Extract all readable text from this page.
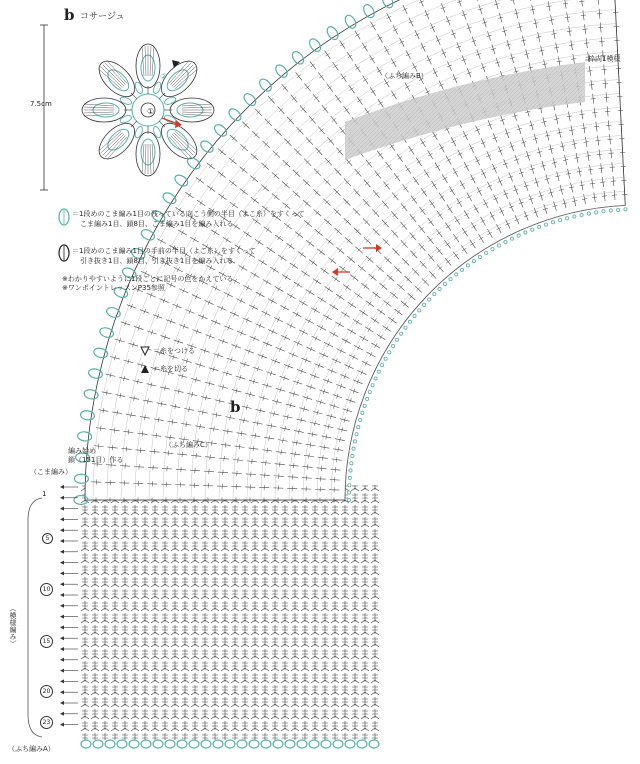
b コサージュ
7.5cm
②
①
＝1段めのこま編み1目の残っている向こう側の半目（よこ糸）をすくって
こま編み1目、鎖8目、こま編み1目を編み入れる
＝1段めのこま編み1目の手前の半目（よこ糸）をすくって
引き抜き1目、鎖8目、引き抜き1目を編み入れる
※わかりやすいように1段ごとに記号の色をかえている
※ワンポイントレッスンP35参照
＝糸をつける
＝糸を切る
b
（ふち編みB）
（ふち編みC）
（ふち編みA）
枠内1模様
編み始め
鎖（151目）作る
（こま編み）
（模様編み）
1
5
10
15
20
23
